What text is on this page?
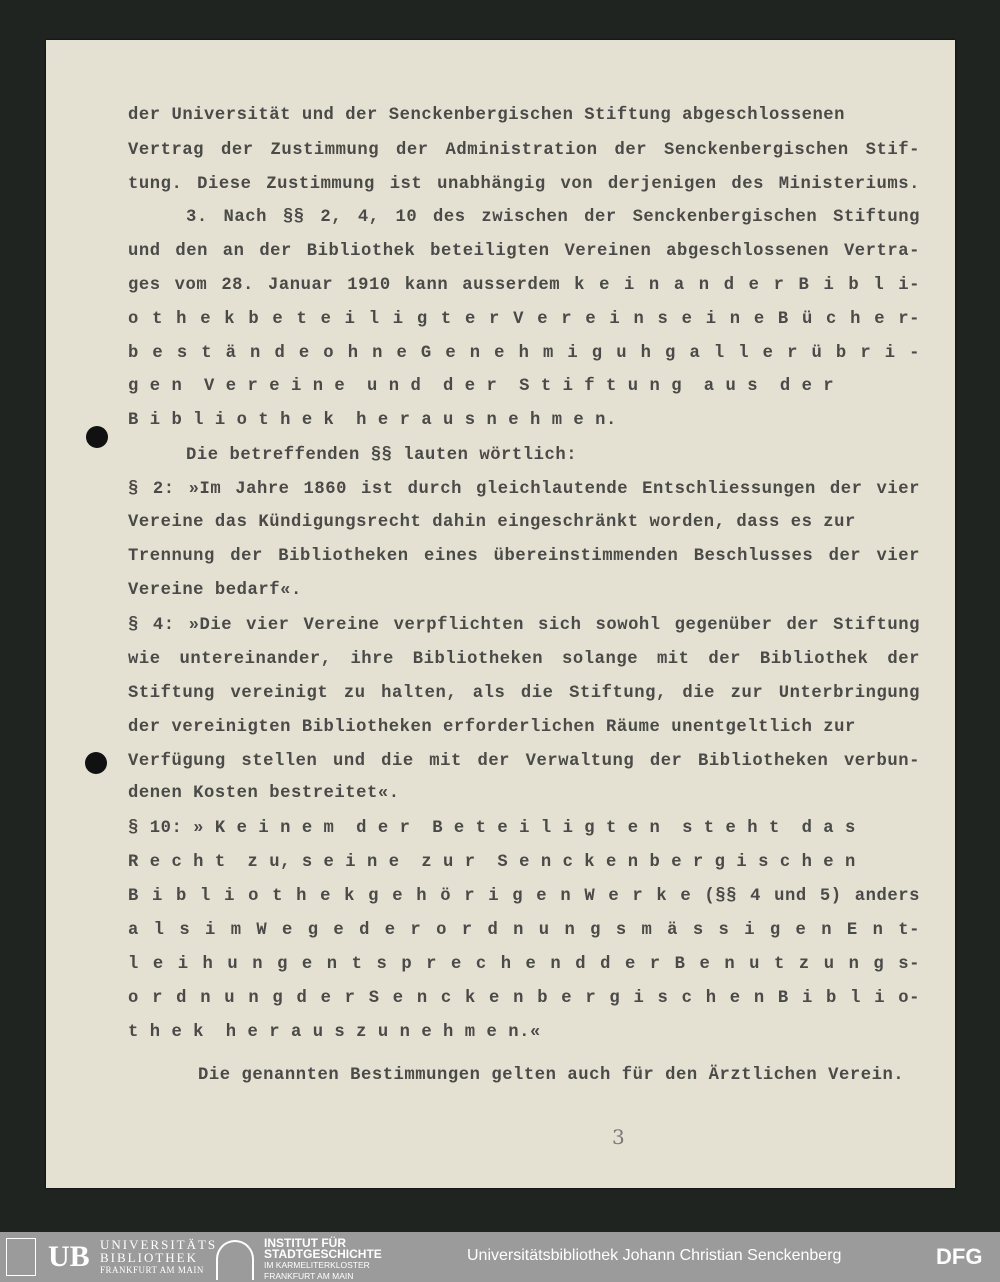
der Universität und der Senckenbergischen Stiftung abgeschlossenen
Vertrag der Zustimmung der Administration der Senckenbergischen Stif-
tung. Diese Zustimmung ist unabhängig von derjenigen des Ministeriums.
3. Nach §§ 2, 4, 10 des zwischen der Senckenbergischen Stiftung
und den an der Bibliothek beteiligten Vereinen abgeschlossenen Vertra-
ges vom 28. Januar 1910 kann ausserdem k e i n a n d e r B i b l i-
o t h e k b e t e i l i g t e r V e r e i n s e i n e B ü c h e r-
b e s t ä n d e o h n e G e n e h m i g u h g a l l e r ü b r i -
g e n  V e r e i n e  u n d  d e r  S t i f t u n g  a u s  d e r
B i b l i o t h e k  h e r a u s n e h m e n.
Die betreffenden §§ lauten wörtlich:
§ 2: »Im Jahre 1860 ist durch gleichlautende Entschliessungen der vier
Vereine das Kündigungsrecht dahin eingeschränkt worden, dass es zur
Trennung der Bibliotheken eines übereinstimmenden Beschlusses der vier
Vereine bedarf«.
§ 4: »Die vier Vereine verpflichten sich sowohl gegenüber der Stiftung
wie untereinander, ihre Bibliotheken solange mit der Bibliothek der
Stiftung vereinigt zu halten, als die Stiftung, die zur Unterbringung
der vereinigten Bibliotheken erforderlichen Räume unentgeltlich zur
Verfügung stellen und die mit der Verwaltung der Bibliotheken verbun-
denen Kosten bestreitet«.
§ 10: » K e i n e m  d e r  B e t e i l i g t e n  s t e h t  d a s
R e c h t  z u, s e i n e  z u r  S e n c k e n b e r g i s c h e n
B i b l i o t h e k g e h ö r i g e n W e r k e (§§ 4 und 5) anders
a l s i m W e g e d e r o r d n u n g s m ä s s i g e n E n t-
l e i h u n g e n t s p r e c h e n d d e r B e n u t z u n g s-
o r d n u n g d e r S e n c k e n b e r g i s c h e n B i b l i o-
t h e k  h e r a u s z u n e h m e n.«
Die genannten Bestimmungen gelten auch für den Ärztlichen Verein.
3
UB UNIVERSITÄTS
BIBLIOTHEK
FRANKFURT AM MAIN
INSTITUT FÜR
STADTGESCHICHTE
IM KARMELITERKLOSTER
FRANKFURT AM MAIN
Universitätsbibliothek Johann Christian Senckenberg	DFG
